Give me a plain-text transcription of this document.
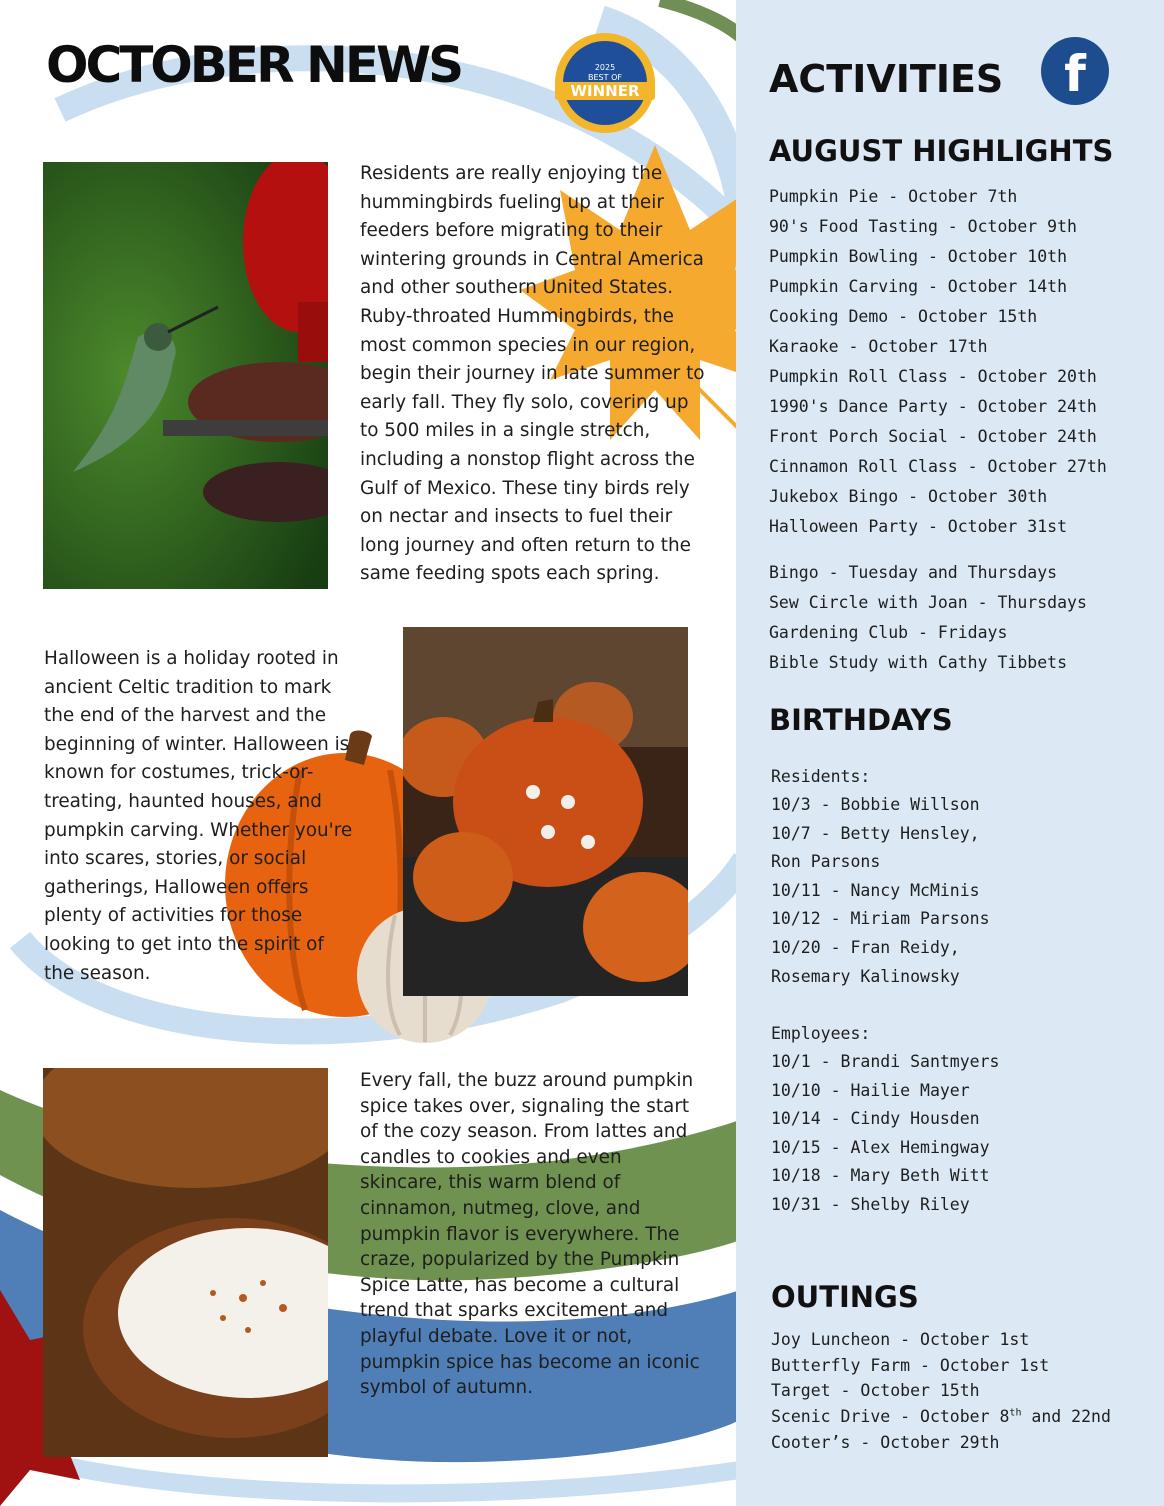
OCTOBER NEWS	2025
BEST OF
WINNER
Residents are really enjoying the hummingbirds fueling up at their feeders before migrating to their wintering grounds in Central America and other southern United States. Ruby-throated Hummingbirds, the most common species in our region, begin their journey in late summer to early fall. They fly solo, covering up to 500 miles in a single stretch, including a nonstop flight across the Gulf of Mexico. These tiny birds rely on nectar and insects to fuel their long journey and often return to the same feeding spots each spring.
Halloween is a holiday rooted in ancient Celtic tradition to mark the end of the harvest and the beginning of winter. Halloween is known for costumes, trick-or-treating, haunted houses, and pumpkin carving. Whether you're into scares, stories, or social gatherings, Halloween offers plenty of activities for those looking to get into the spirit of the season.
Every fall, the buzz around pumpkin spice takes over, signaling the start of the cozy season. From lattes and candles to cookies and even skincare, this warm blend of cinnamon, nutmeg, clove, and pumpkin flavor is everywhere. The craze, popularized by the Pumpkin Spice Latte, has become a cultural trend that sparks excitement and playful debate. Love it or not, pumpkin spice has become an iconic symbol of autumn.
ACTIVITIES	f
AUGUST HIGHLIGHTS
Pumpkin Pie - October 7th
90's Food Tasting - October 9th
Pumpkin Bowling - October 10th
Pumpkin Carving - October 14th
Cooking Demo - October 15th
Karaoke - October 17th
Pumpkin Roll Class - October 20th
1990's Dance Party - October 24th
Front Porch Social - October 24th
Cinnamon Roll Class - October 27th
Jukebox Bingo - October 30th
Halloween Party - October 31st
Bingo - Tuesday and Thursdays
Sew Circle with Joan - Thursdays
Gardening Club - Fridays
Bible Study with Cathy Tibbets
BIRTHDAYS
Residents:
10/3 - Bobbie Willson
10/7 - Betty Hensley,
Ron Parsons
10/11 - Nancy McMinis
10/12 - Miriam Parsons
10/20 - Fran Reidy,
Rosemary Kalinowsky
Employees:
10/1 - Brandi Santmyers
10/10 - Hailie Mayer
10/14 - Cindy Housden
10/15 - Alex Hemingway
10/18 - Mary Beth Witt
10/31 - Shelby Riley
OUTINGS
Joy Luncheon - October 1st
Butterfly Farm - October 1st
Target - October 15th
Scenic Drive - October 8th and 22nd
Cooter’s - October 29th
